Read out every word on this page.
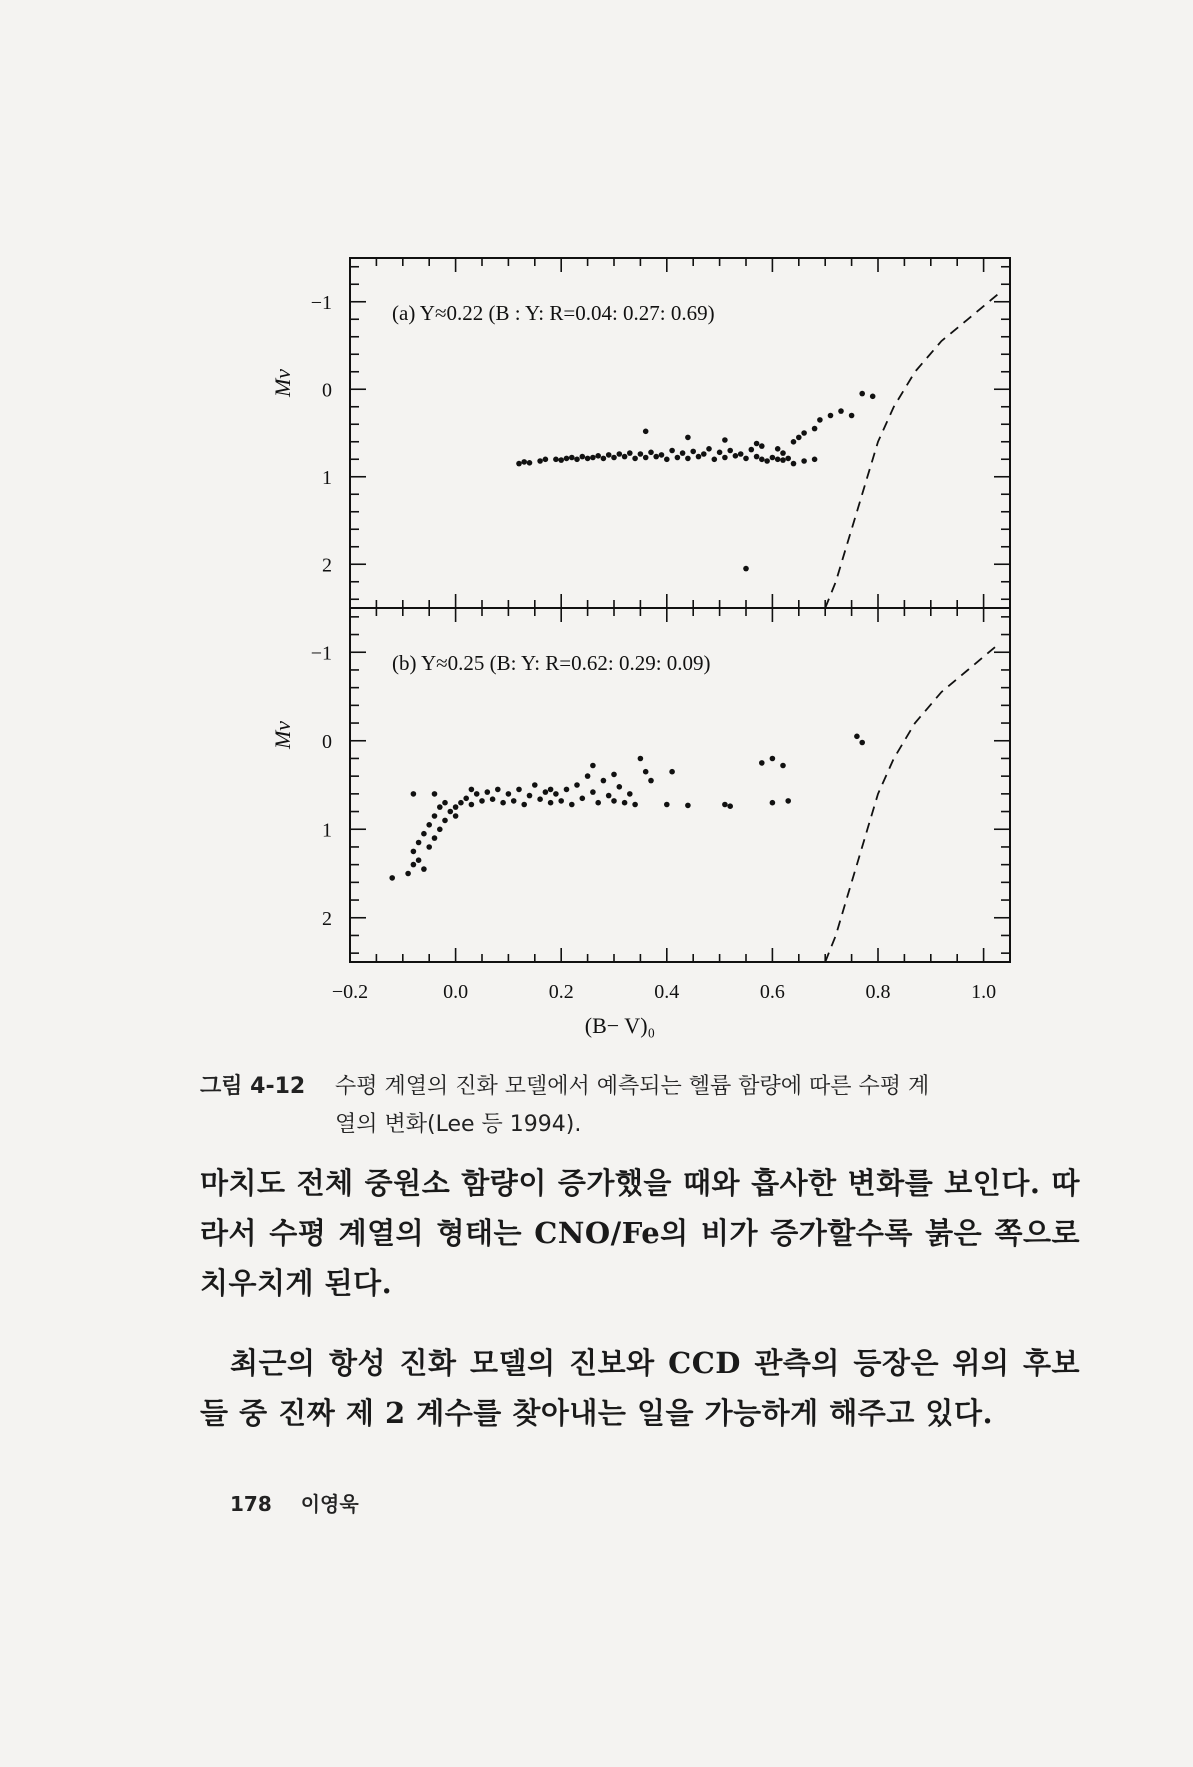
−1
0
1
2
Mv
(a) Y≈0.22 (B : Y: R=0.04: 0.27: 0.69)
−1
0
1
2
Mv
(b) Y≈0.25 (B: Y: R=0.62: 0.29: 0.09)
−0.2	0.0	0.2	0.4	0.6	0.8	1.0
(B− V)₀
그림 4-12 수평 계열의 진화 모델에서 예측되는 헬륨 함량에 따른 수평 계
열의 변화(Lee 등 1994).
마치도 전체 중원소 함량이 증가했을 때와 흡사한 변화를 보인다. 따라서 수평 계열의 형태는 CNO/Fe의 비가 증가할수록 붉은 쪽으로 치우치게 된다.
최근의 항성 진화 모델의 진보와 CCD 관측의 등장은 위의 후보들 중 진짜 제 2 계수를 찾아내는 일을 가능하게 해주고 있다.
178 이영욱
